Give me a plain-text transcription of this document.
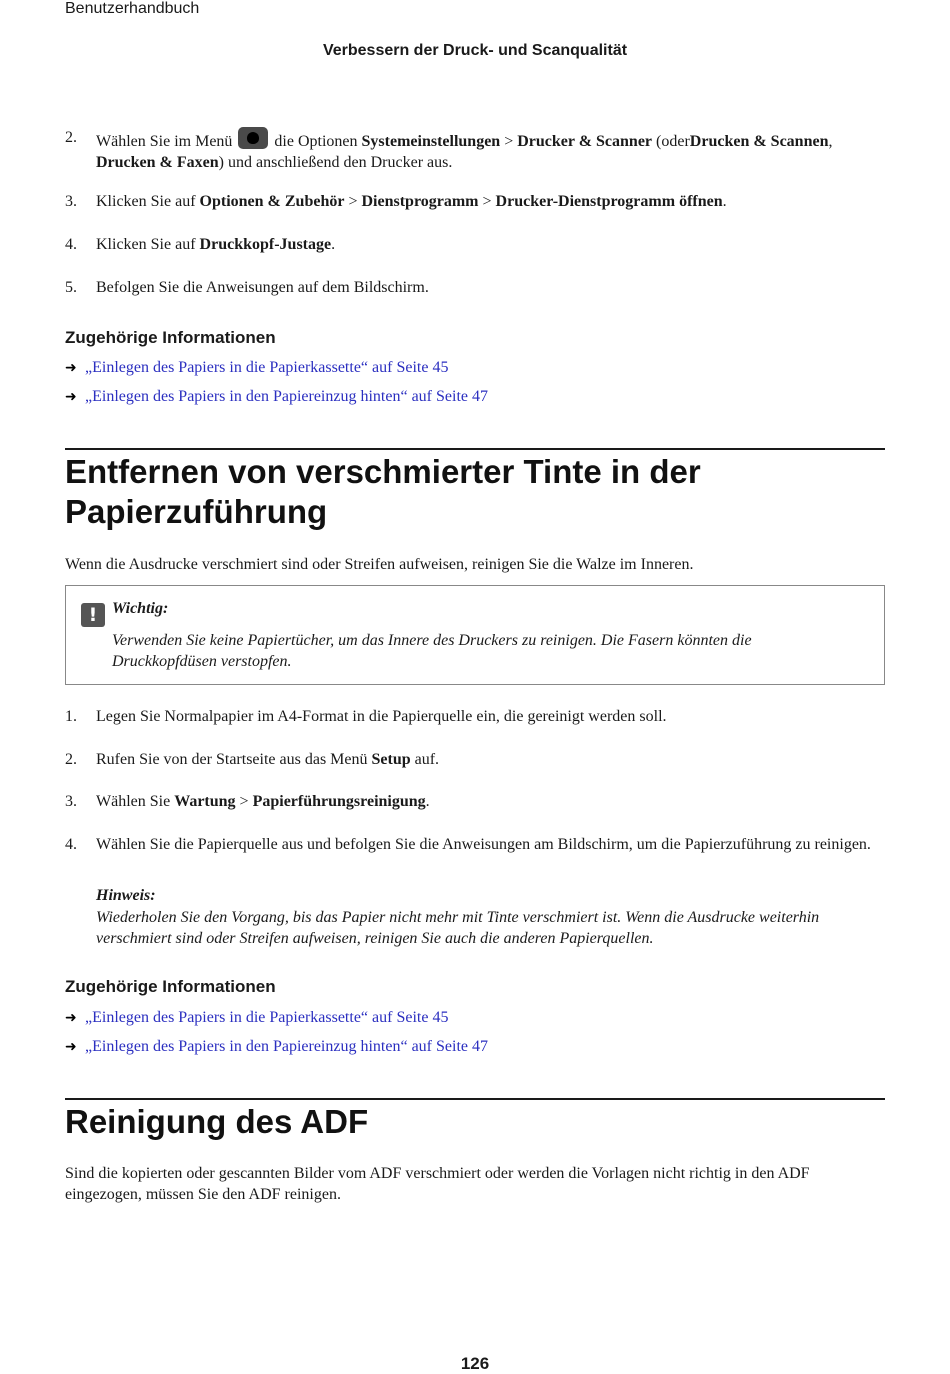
Benutzerhandbuch
Verbessern der Druck- und Scanqualität
2.	Wählen Sie im Menü	die Optionen Systemeinstellungen > Drucker & Scanner (oderDrucken & Scannen, Drucken & Faxen) und anschließend den Drucker aus.
3.	Klicken Sie auf Optionen & Zubehör > Dienstprogramm > Drucker-Dienstprogramm öffnen.
4.	Klicken Sie auf Druckkopf-Justage.
5.	Befolgen Sie die Anweisungen auf dem Bildschirm.
Zugehörige Informationen
➜ „Einlegen des Papiers in die Papierkassette“ auf Seite 45
➜ „Einlegen des Papiers in den Papiereinzug hinten“ auf Seite 47
Entfernen von verschmierter Tinte in der
Papierzuführung
Wenn die Ausdrucke verschmiert sind oder Streifen aufweisen, reinigen Sie die Walze im Inneren.
! Wichtig:
Verwenden Sie keine Papiertücher, um das Innere des Druckers zu reinigen. Die Fasern könnten die Druckkopfdüsen verstopfen.
1.	Legen Sie Normalpapier im A4-Format in die Papierquelle ein, die gereinigt werden soll.
2.	Rufen Sie von der Startseite aus das Menü Setup auf.
3.	Wählen Sie Wartung > Papierführungsreinigung.
4.	Wählen Sie die Papierquelle aus und befolgen Sie die Anweisungen am Bildschirm, um die Papierzuführung zu reinigen.
Hinweis:
Wiederholen Sie den Vorgang, bis das Papier nicht mehr mit Tinte verschmiert ist. Wenn die Ausdrucke weiterhin verschmiert sind oder Streifen aufweisen, reinigen Sie auch die anderen Papierquellen.
Zugehörige Informationen
➜ „Einlegen des Papiers in die Papierkassette“ auf Seite 45
➜ „Einlegen des Papiers in den Papiereinzug hinten“ auf Seite 47
Reinigung des ADF
Sind die kopierten oder gescannten Bilder vom ADF verschmiert oder werden die Vorlagen nicht richtig in den ADF eingezogen, müssen Sie den ADF reinigen.
126
